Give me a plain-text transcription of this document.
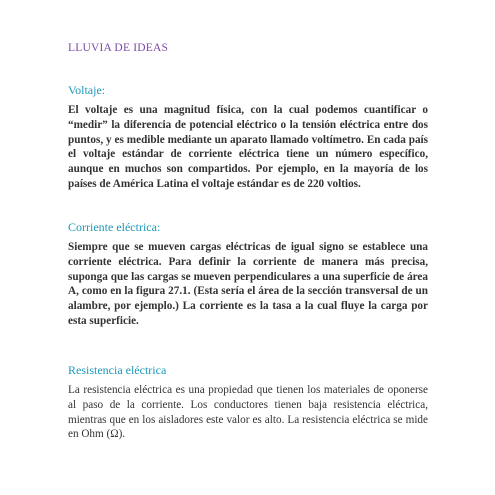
LLUVIA DE IDEAS
Voltaje:

El voltaje es una magnitud física, con la cual podemos cuantificar o “medir” la diferencia de potencial eléctrico o la tensión eléctrica entre dos puntos, y es medible mediante un aparato llamado voltímetro. En cada país el voltaje estándar de corriente eléctrica tiene un número específico, aunque en muchos son compartidos. Por ejemplo, en la mayoría de los países de América Latina el voltaje estándar es de 220 voltios.

Corriente eléctrica:

Siempre que se mueven cargas eléctricas de igual signo se establece una corriente eléctrica. Para definir la corriente de manera más precisa, suponga que las cargas se mueven perpendiculares a una superficie de área A, como en la figura 27.1. (Esta sería el área de la sección transversal de un alambre, por ejemplo.) La corriente es la tasa a la cual fluye la carga por esta superficie.

Resistencia eléctrica

La resistencia eléctrica es una propiedad que tienen los materiales de oponerse al paso de la corriente. Los conductores tienen baja resistencia eléctrica, mientras que en los aisladores este valor es alto. La resistencia eléctrica se mide en Ohm (Ω).
